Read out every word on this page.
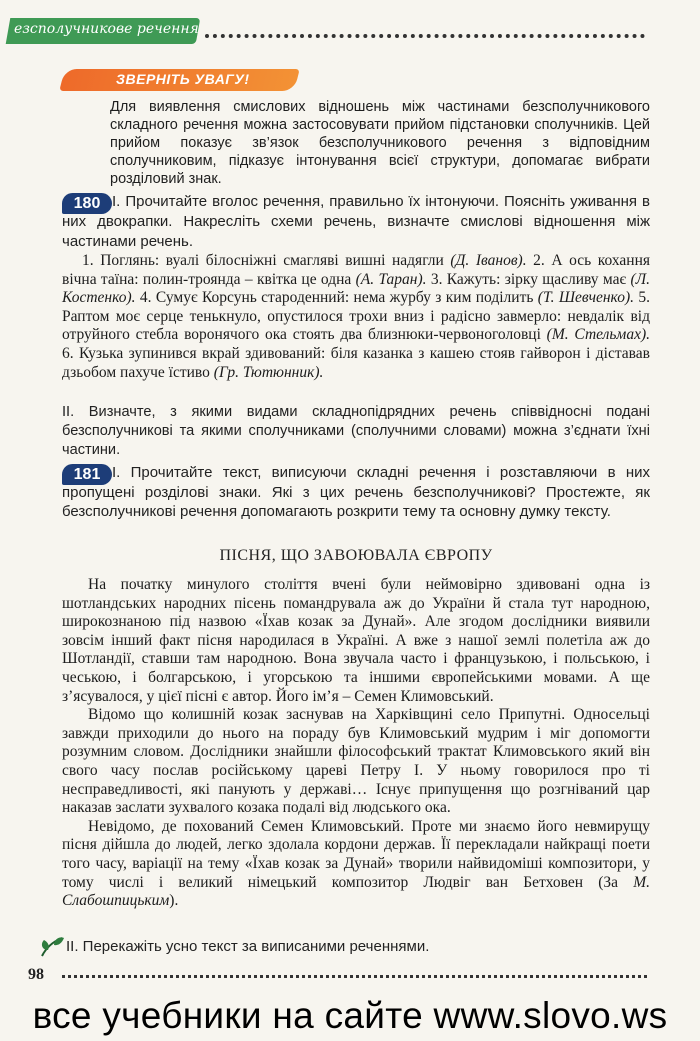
езсполучникове речення
ЗВЕРНІТЬ УВАГУ!
Для виявлення смислових відношень між частинами безсполучникового складного речення можна застосовувати прийом підстановки сполучників. Цей прийом показує зв’язок безсполучникового речення з відповідним сполучниковим, підказує інтонування всієї структури, допомагає вибрати розділовий знак.
180 I. Прочитайте вголос речення, правильно їх інтонуючи. Поясніть уживання в них двокрапки. Накресліть схеми речень, визначте смислові відношення між частинами речень.
1. Поглянь: вуалі білосніжні смагляві вишні надягли (Д. Іванов). 2. А ось кохання вічна таїна: полин-троянда – квітка це одна (А. Таран). 3. Кажуть: зірку щасливу має (Л. Костенко). 4. Сумує Корсунь староденний: нема журбу з ким поділить (Т. Шевченко). 5. Раптом моє серце тенькнуло, опустилося трохи вниз і радісно завмерло: невдалік від отруйного стебла воронячого ока стоять два близнюки-червоноголовці (М. Стельмах). 6. Кузька зупинився вкрай здивований: біля казанка з кашею стояв гайворон і діставав дзьобом пахуче їстиво (Гр. Тютюнник).
II. Визначте, з якими видами складнопідрядних речень співвідносні подані безсполучникові та якими сполучниками (сполучними словами) можна з’єднати їхні частини.
181 I. Прочитайте текст, виписуючи складні речення і розставляючи в них пропущені розділові знаки. Які з цих речень безсполучникові? Простежте, як безсполучникові речення допомагають розкрити тему та основну думку тексту.
ПІСНЯ, ЩО ЗАВОЮВАЛА ЄВРОПУ

На початку минулого століття вчені були неймовірно здивовані одна із шотландських народних пісень помандрувала аж до України й стала тут народною, широкознаною під назвою «Їхав козак за Дунай». Але згодом дослідники виявили зовсім інший факт пісня народилася в Україні. А вже з нашої землі полетіла аж до Шотландії, ставши там народною. Вона звучала часто і французькою, і польською, і чеською, і болгарською, і угорською та іншими європейськими мовами. А ще з’ясувалося, у цієї пісні є автор. Його ім’я – Семен Климовський.

Відомо що колишній козак заснував на Харківщині село Припутні. Односельці завжди приходили до нього на пораду був Климовський мудрим і міг допомогти розумним словом. Дослідники знайшли філософський трактат Климовського який він свого часу послав російському цареві Петру I. У ньому говорилося про ті несправедливості, які панують у державі… Існує припущення що розгніваний цар наказав заслати зухвалого козака подалі від людського ока.

Невідомо, де похований Семен Климовський. Проте ми знаємо його невмирущу пісня дійшла до людей, легко здолала кордони держав. Її перекладали найкращі поети того часу, варіації на тему «Їхав козак за Дунай» творили найвидоміші композитори, у тому числі і великий німецький композитор Людвіг ван Бетховен (За М. Слабошпицьким).

II. Перекажіть усно текст за виписаними реченнями.
98
все учебники на сайте www.slovo.ws
